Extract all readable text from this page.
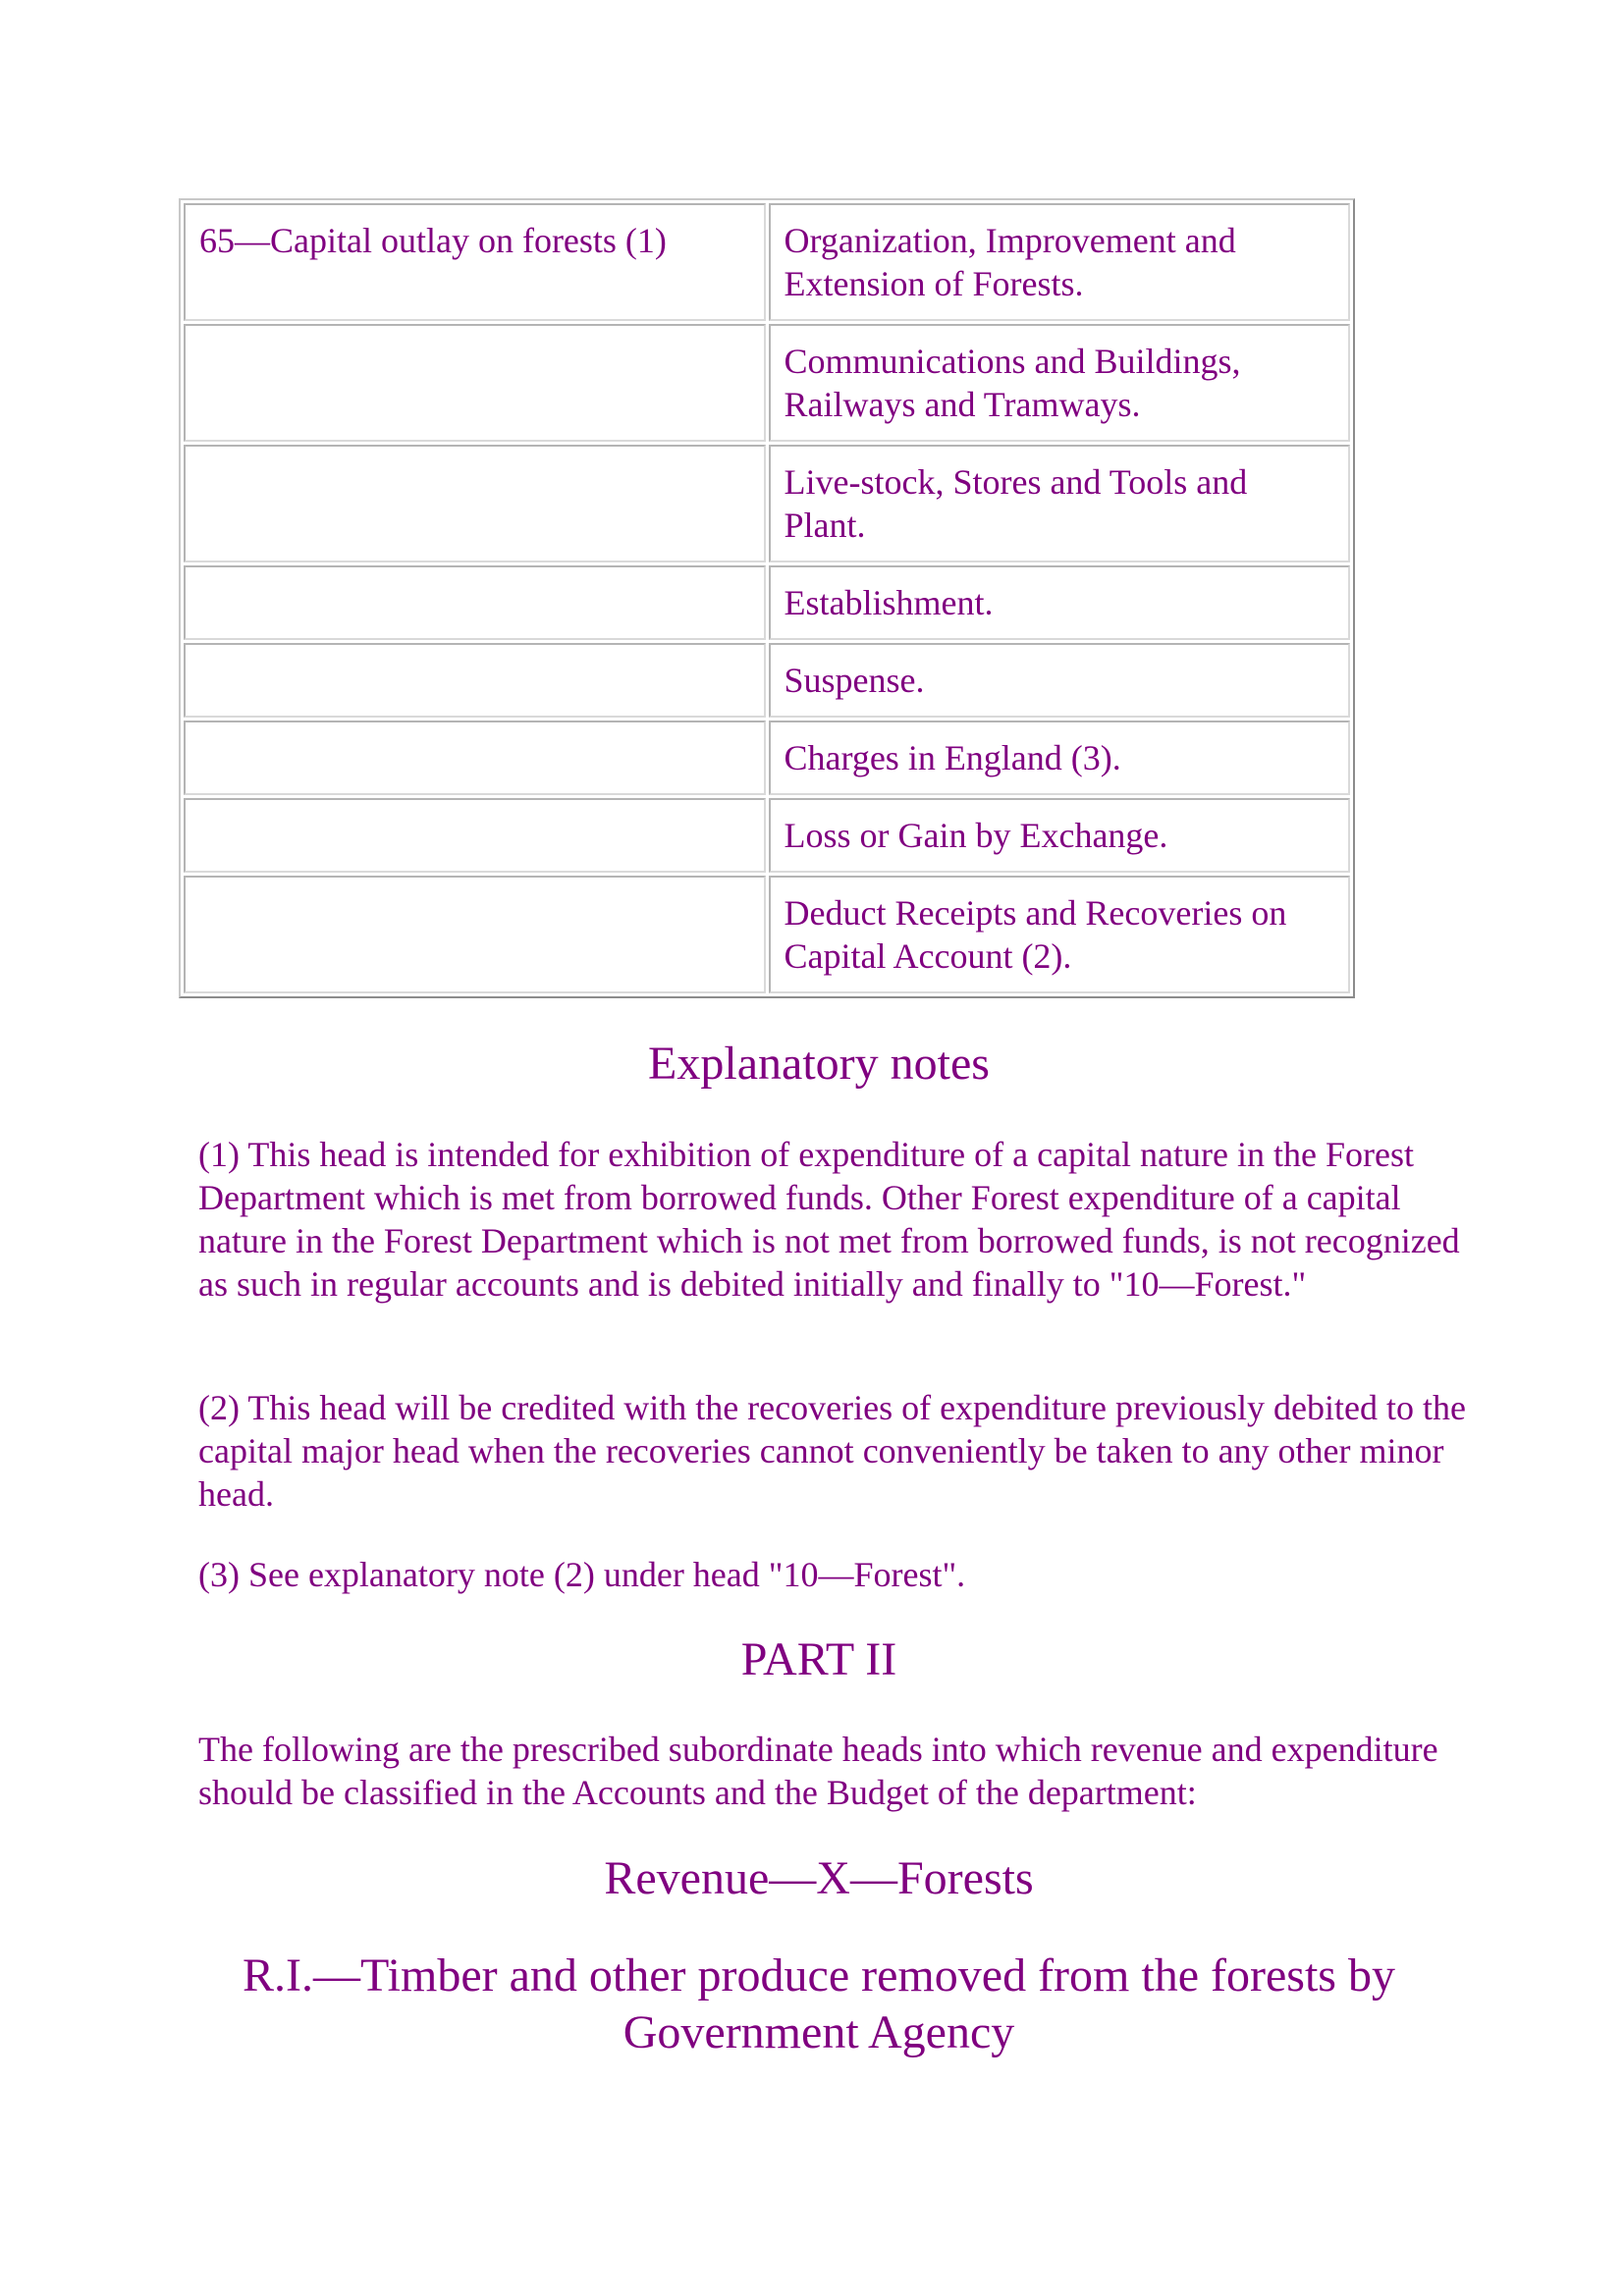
65—Capital outlay on forests (1)	Organization, Improvement and Extension of Forests.
	Communications and Buildings, Railways and Tramways.
	Live-stock, Stores and Tools and Plant.
	Establishment.
	Suspense.
	Charges in England (3).
	Loss or Gain by Exchange.
	Deduct Receipts and Recoveries on Capital Account (2).
Explanatory notes

(1) This head is intended for exhibition of expenditure of a capital nature in the Forest Department which is met from borrowed funds. Other Forest expenditure of a capital nature in the Forest Department which is not met from borrowed funds, is not recognized as such in regular accounts and is debited initially and finally to "10—Forest."

(2) This head will be credited with the recoveries of expenditure previously debited to the capital major head when the recoveries cannot conveniently be taken to any other minor head.

(3) See explanatory note (2) under head "10—Forest".

PART II

The following are the prescribed subordinate heads into which revenue and expenditure should be classified in the Accounts and the Budget of the department:

Revenue—X—Forests
R.I.—Timber and other produce removed from the forests by Government Agency
